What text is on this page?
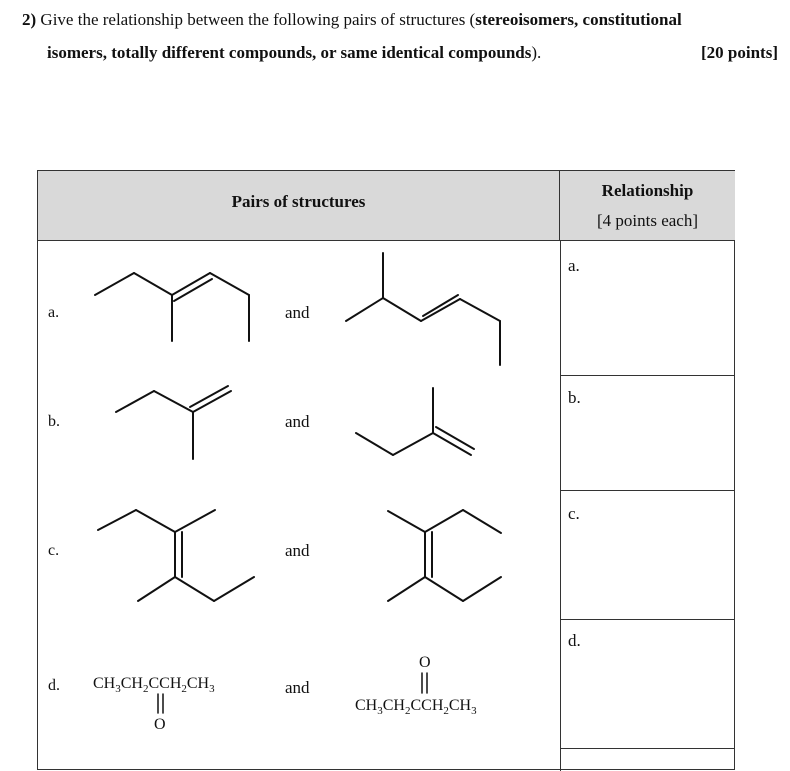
2) Give the relationship between the following pairs of structures (stereoisomers, constitutional
isomers, totally different compounds, or same identical compounds).	[20 points]
Pairs of structures
Relationship
[4 points each]
a.
b.
c.
d.
a.
b.
c.
d.
and
and
and
and
$CH_3CH_2CCH_2CH_3$
O
O
$CH_3CH_2CCH_2CH_3$
